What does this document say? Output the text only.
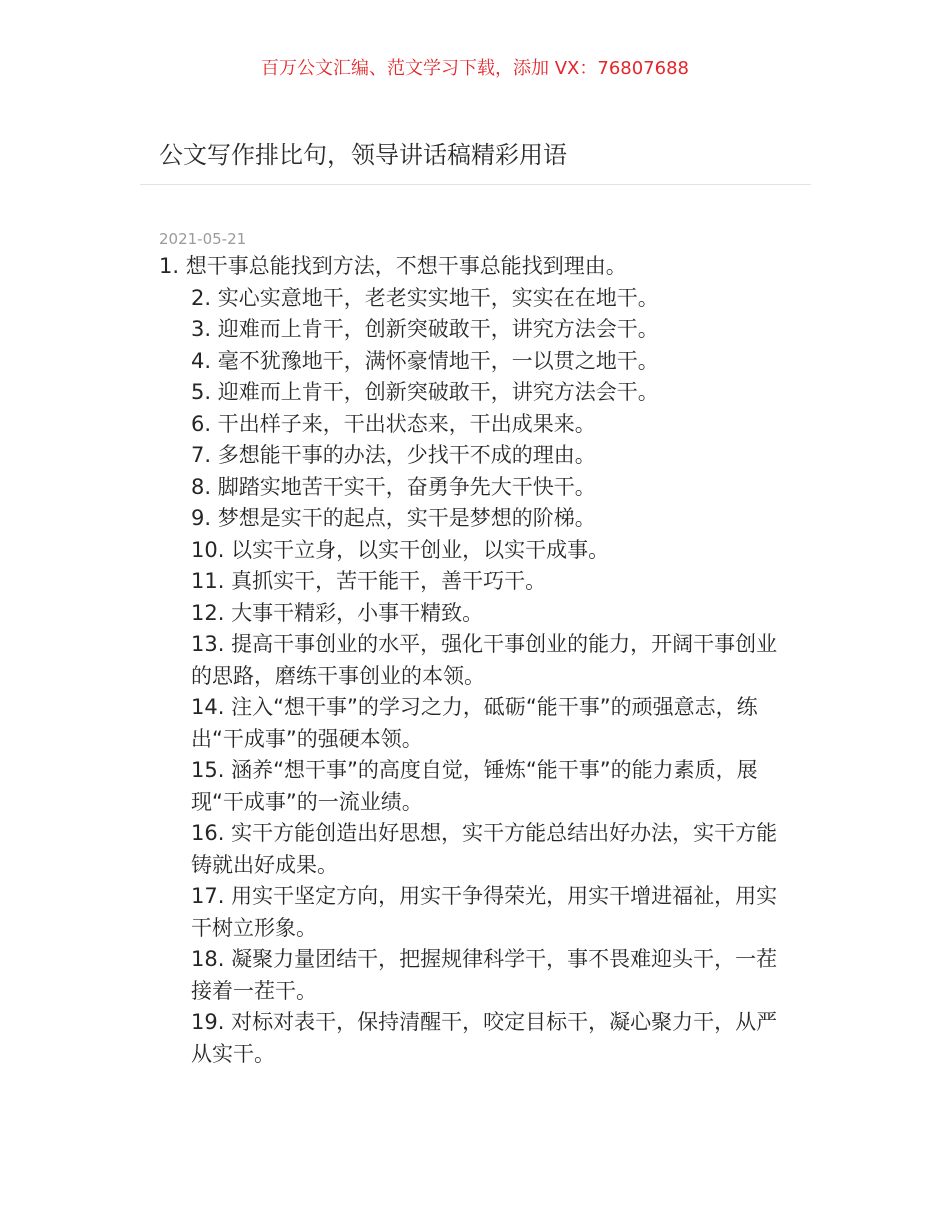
百万公文汇编、范文学习下载，添加 VX：76807688
公文写作排比句，领导讲话稿精彩用语
2021-05-21

1. 想干事总能找到方法，不想干事总能找到理由。

2. 实心实意地干，老老实实地干，实实在在地干。

3. 迎难而上肯干，创新突破敢干，讲究方法会干。

4. 毫不犹豫地干，满怀豪情地干，一以贯之地干。

5. 迎难而上肯干，创新突破敢干，讲究方法会干。

6. 干出样子来，干出状态来，干出成果来。

7. 多想能干事的办法，少找干不成的理由。

8. 脚踏实地苦干实干，奋勇争先大干快干。

9. 梦想是实干的起点，实干是梦想的阶梯。

10. 以实干立身，以实干创业，以实干成事。

11. 真抓实干，苦干能干，善干巧干。

12. 大事干精彩，小事干精致。

13. 提高干事创业的水平，强化干事创业的能力，开阔干事创业的思路，磨练干事创业的本领。

14. 注入“想干事”的学习之力，砥砺“能干事”的顽强意志，练出“干成事”的强硬本领。

15. 涵养“想干事”的高度自觉，锤炼“能干事”的能力素质，展现“干成事”的一流业绩。

16. 实干方能创造出好思想，实干方能总结出好办法，实干方能铸就出好成果。

17. 用实干坚定方向，用实干争得荣光，用实干增进福祉，用实干树立形象。

18. 凝聚力量团结干，把握规律科学干，事不畏难迎头干，一茬接着一茬干。

19. 对标对表干，保持清醒干，咬定目标干，凝心聚力干，从严从实干。
